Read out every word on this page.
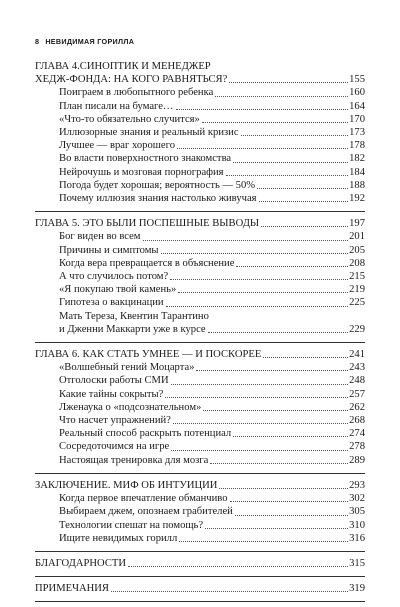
8 НЕВИДИМАЯ ГОРИЛЛА
ГЛАВА 4.СИНОПТИК И МЕНЕДЖЕР
ХЕДЖ-ФОНДА: НА КОГО РАВНЯТЬСЯ?	155
Поиграем в любопытного ребенка	160
План писали на бумаге…	164
«Что-то обязательно случится»	170
Иллюзорные знания и реальный кризис	173
Лучшее — враг хорошего	178
Во власти поверхностного знакомства	182
Нейрочушь и мозговая порнография	184
Погода будет хорошая; вероятность — 50%	188
Почему иллюзия знания настолько живучая	192
ГЛАВА 5. ЭТО БЫЛИ ПОСПЕШНЫЕ ВЫВОДЫ	197
Бог виден во всем	201
Причины и симптомы	205
Когда вера превращается в объяснение	208
А что случилось потом?	215
«Я покупаю твой камень»	219
Гипотеза о вакцинации	225
Мать Тереза, Квентин Тарантино
и Дженни Маккарти уже в курсе	229
ГЛАВА 6. КАК СТАТЬ УМНЕЕ — И ПОСКОРЕЕ	241
«Волшебный гений Моцарта»	243
Отголоски работы СМИ	248
Какие тайны сокрыты?	257
Лженаука о «подсознательном»	262
Что насчет упражнений?	268
Реальный способ раскрыть потенциал	274
Сосредоточимся на игре	278
Настоящая тренировка для мозга	289
ЗАКЛЮЧЕНИЕ. МИФ ОБ ИНТУИЦИИ	293
Когда первое впечатление обманчиво	302
Выбираем джем, опознаем грабителей	305
Технологии спешат на помощь?	310
Ищите невидимых горилл	316
БЛАГОДАРНОСТИ	315
ПРИМЕЧАНИЯ	319
